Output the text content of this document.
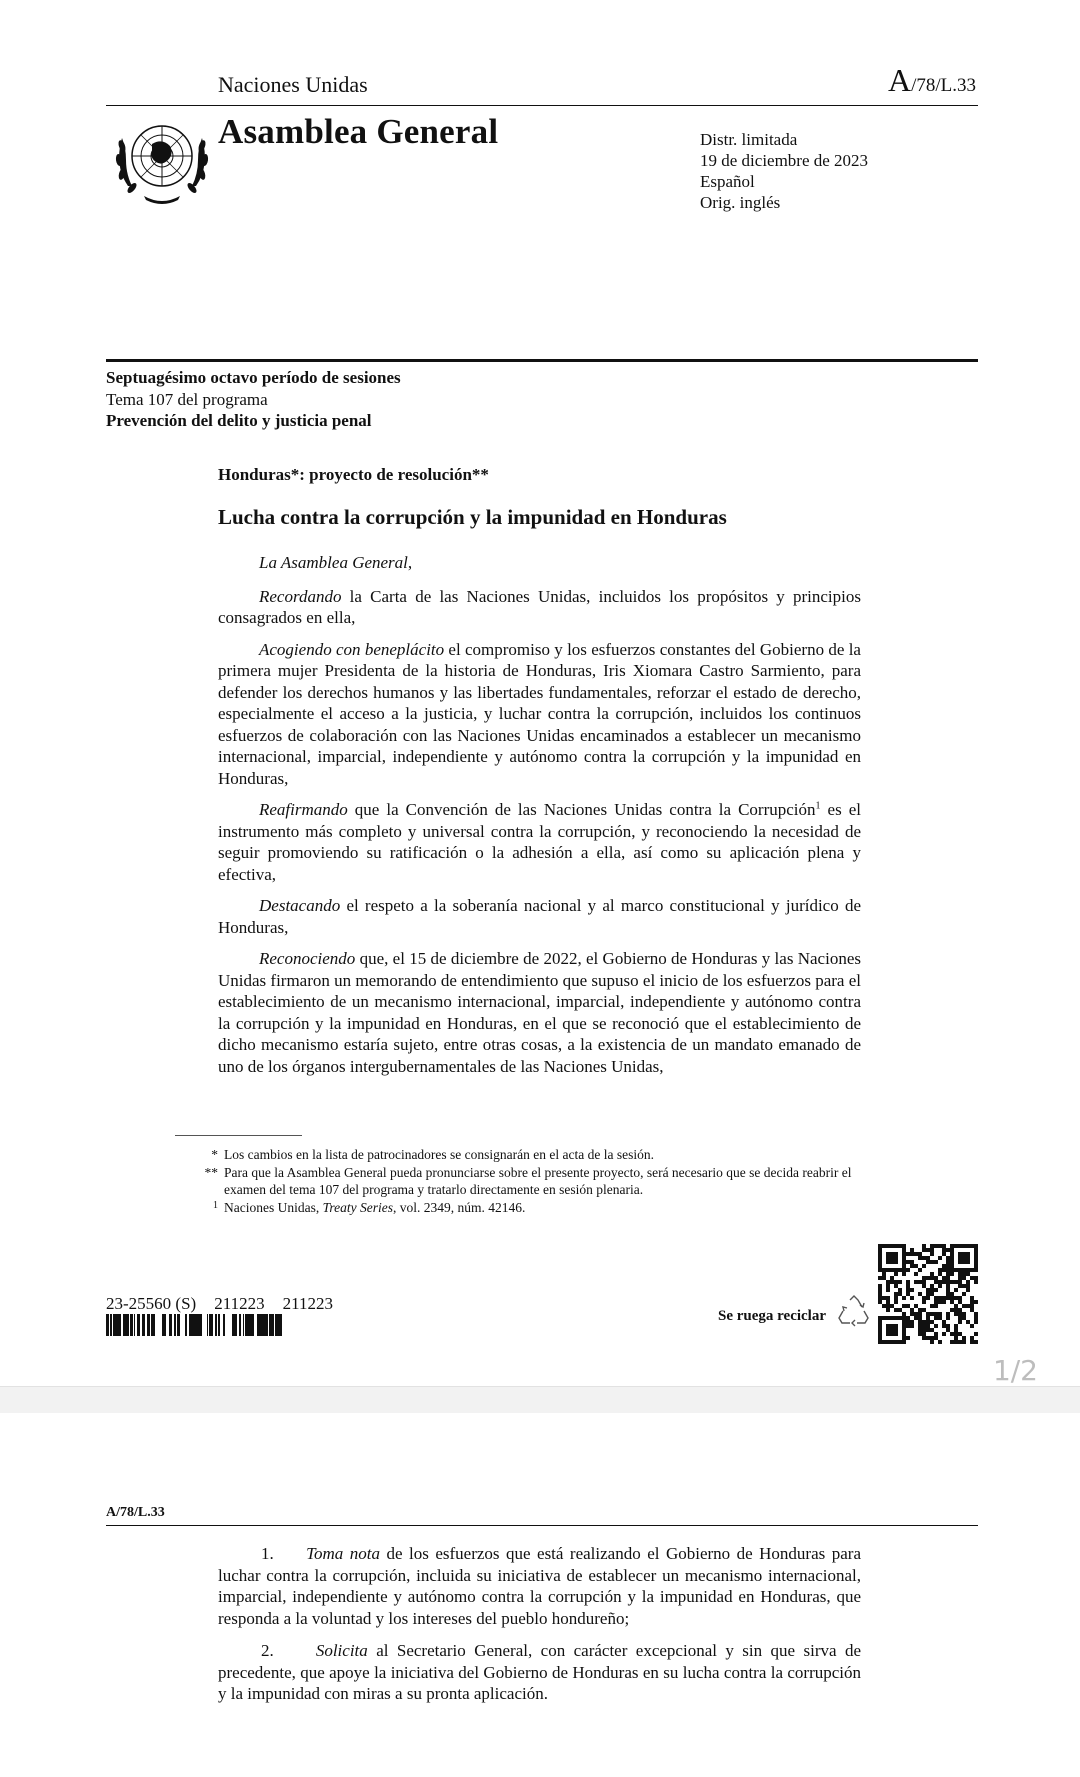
Naciones Unidas	A/78/L.33
Asamblea General	Distr. limitada
19 de diciembre de 2023
Español
Orig. inglés
Septuagésimo octavo período de sesiones
Tema 107 del programa
Prevención del delito y justicia penal
Honduras*: proyecto de resolución**
Lucha contra la corrupción y la impunidad en Honduras

La Asamblea General,

Recordando la Carta de las Naciones Unidas, incluidos los propósitos y principios consagrados en ella,

Acogiendo con beneplácito el compromiso y los esfuerzos constantes del Gobierno de la primera mujer Presidenta de la historia de Honduras, Iris Xiomara Castro Sarmiento, para defender los derechos humanos y las libertades fundamentales, reforzar el estado de derecho, especialmente el acceso a la justicia, y luchar contra la corrupción, incluidos los continuos esfuerzos de colaboración con las Naciones Unidas encaminados a establecer un mecanismo internacional, imparcial, independiente y autónomo contra la corrupción y la impunidad en Honduras,

Reafirmando que la Convención de las Naciones Unidas contra la Corrupción$^1$ es el instrumento más completo y universal contra la corrupción, y reconociendo la necesidad de seguir promoviendo su ratificación o la adhesión a ella, así como su aplicación plena y efectiva,

Destacando el respeto a la soberanía nacional y al marco constitucional y jurídico de Honduras,

Reconociendo que, el 15 de diciembre de 2022, el Gobierno de Honduras y las Naciones Unidas firmaron un memorando de entendimiento que supuso el inicio de los esfuerzos para el establecimiento de un mecanismo internacional, imparcial, independiente y autónomo contra la corrupción y la impunidad en Honduras, en el que se reconoció que el establecimiento de dicho mecanismo estaría sujeto, entre otras cosas, a la existencia de un mandato emanado de uno de los órganos intergubernamentales de las Naciones Unidas,

* Los cambios en la lista de patrocinadores se consignarán en el acta de la sesión.
** Para que la Asamblea General pueda pronunciarse sobre el presente proyecto, será necesario que se decida reabrir el examen del tema 107 del programa y tratarlo directamente en sesión plenaria.
1 Naciones Unidas, Treaty Series, vol. 2349, núm. 42146.
23-25560 (S) 211223 211223
Se ruega reciclar
1/2
A/78/L.33

1. Toma nota de los esfuerzos que está realizando el Gobierno de Honduras para luchar contra la corrupción, incluida su iniciativa de establecer un mecanismo internacional, imparcial, independiente y autónomo contra la corrupción y la impunidad en Honduras, que responda a la voluntad y los intereses del pueblo hondureño;

2. Solicita al Secretario General, con carácter excepcional y sin que sirva de precedente, que apoye la iniciativa del Gobierno de Honduras en su lucha contra la corrupción y la impunidad con miras a su pronta aplicación.
